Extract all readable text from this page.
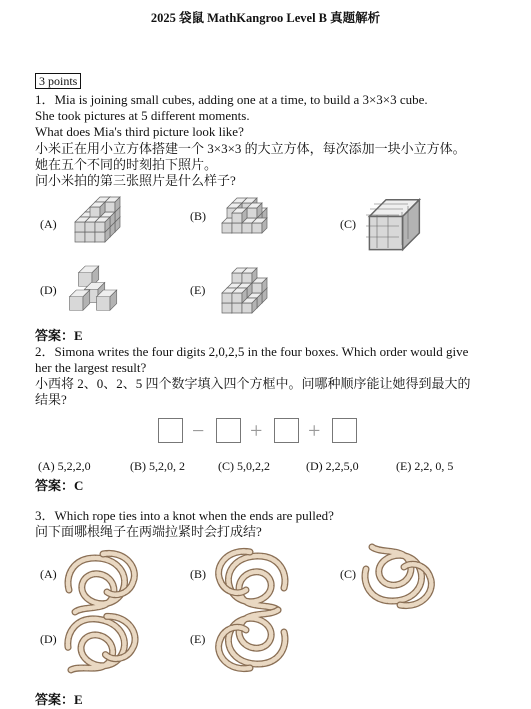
2025 袋鼠 MathKangroo Level B 真题解析
3 points
1．Mia is joining small cubes, adding one at a time, to build a 3×3×3 cube.
She took pictures at 5 different moments.
What does Mia's third picture look like?
小米正在用小立方体搭建一个 3×3×3 的大立方体，每次添加一块小立方体。
她在五个不同的时刻拍下照片。
问小米拍的第三张照片是什么样子?
(A)
(B)
(C)
(D)	(E)
答案：E
2．Simona writes the four digits 2,0,2,5 in the four boxes. Which order would give
her the largest result?
小西将 2、0、2、5 四个数字填入四个方框中。问哪种顺序能让她得到最大的
结果?
− + +
(A) 5,2,2,0	(B) 5,2,0, 2	(C) 5,0,2,2	(D) 2,2,5,0	(E) 2,2, 0, 5
答案：C
3．Which rope ties into a knot when the ends are pulled?
问下面哪根绳子在两端拉紧时会打成结?
(A)	(B)	(C)
(D)	(E)
答案：E
